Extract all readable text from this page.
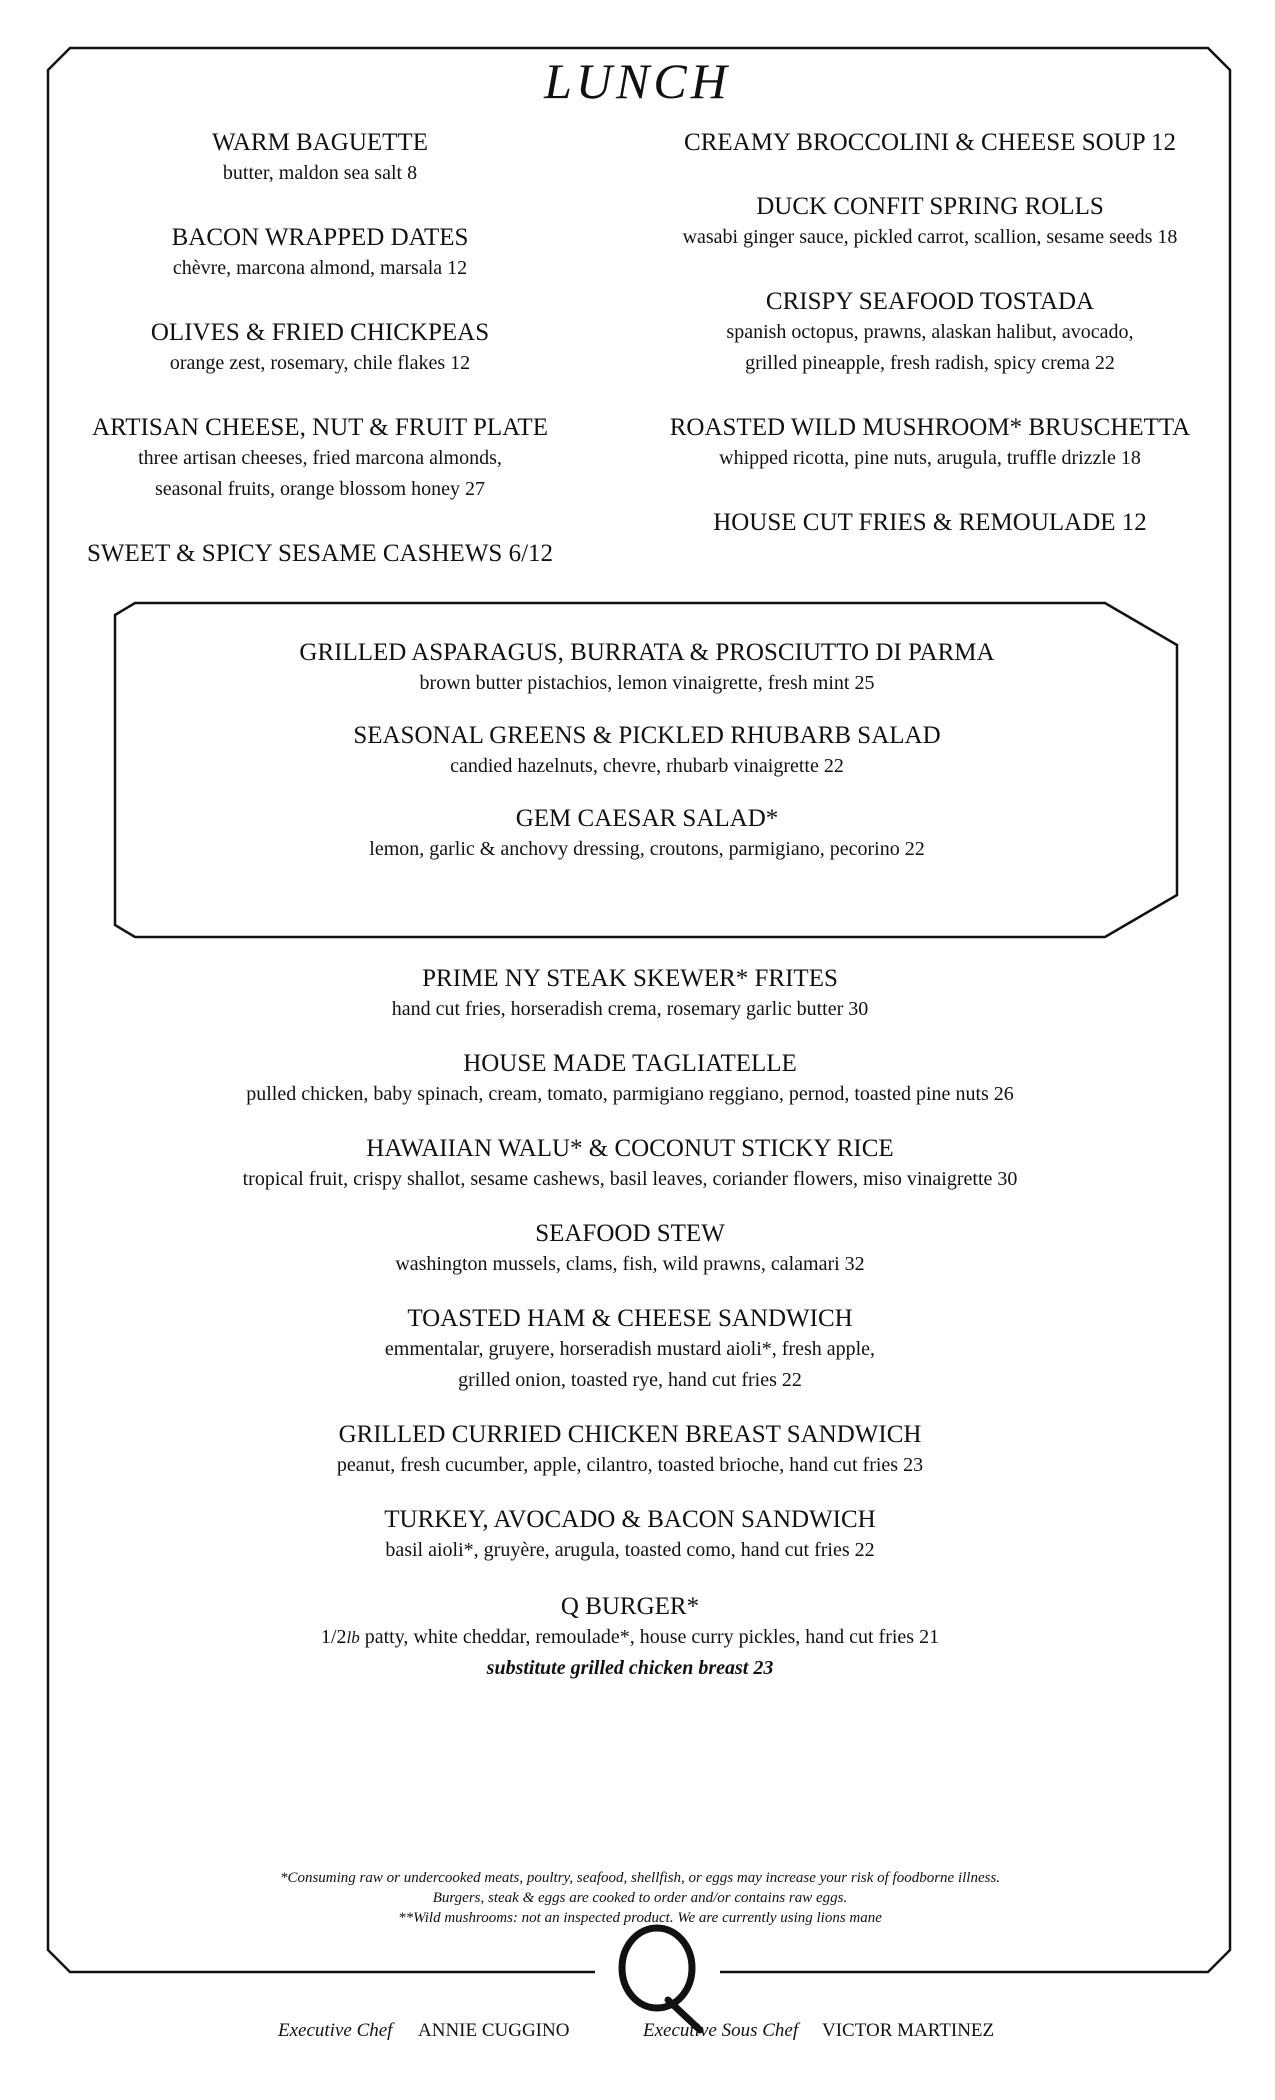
LUNCH
WARM BAGUETTE
butter, maldon sea salt 8
BACON WRAPPED DATES
chèvre, marcona almond, marsala 12
OLIVES & FRIED CHICKPEAS
orange zest, rosemary, chile flakes 12
ARTISAN CHEESE, NUT & FRUIT PLATE
three artisan cheeses, fried marcona almonds,
seasonal fruits, orange blossom honey 27
SWEET & SPICY SESAME CASHEWS 6/12
CREAMY BROCCOLINI & CHEESE SOUP 12
DUCK CONFIT SPRING ROLLS
wasabi ginger sauce, pickled carrot, scallion, sesame seeds 18
CRISPY SEAFOOD TOSTADA
spanish octopus, prawns, alaskan halibut, avocado,
grilled pineapple, fresh radish, spicy crema 22
ROASTED WILD MUSHROOM* BRUSCHETTA
whipped ricotta, pine nuts, arugula, truffle drizzle 18
HOUSE CUT FRIES & REMOULADE 12
GRILLED ASPARAGUS, BURRATA & PROSCIUTTO DI PARMA
brown butter pistachios, lemon vinaigrette, fresh mint 25
SEASONAL GREENS & PICKLED RHUBARB SALAD
candied hazelnuts, chevre, rhubarb vinaigrette 22
GEM CAESAR SALAD*
lemon, garlic & anchovy dressing, croutons, parmigiano, pecorino 22
PRIME NY STEAK SKEWER* FRITES
hand cut fries, horseradish crema, rosemary garlic butter 30
HOUSE MADE TAGLIATELLE
pulled chicken, baby spinach, cream, tomato, parmigiano reggiano, pernod, toasted pine nuts 26
HAWAIIAN WALU* & COCONUT STICKY RICE
tropical fruit, crispy shallot, sesame cashews, basil leaves, coriander flowers, miso vinaigrette 30
SEAFOOD STEW
washington mussels, clams, fish, wild prawns, calamari 32
TOASTED HAM & CHEESE SANDWICH
emmentalar, gruyere, horseradish mustard aioli*, fresh apple,
grilled onion, toasted rye, hand cut fries 22
GRILLED CURRIED CHICKEN BREAST SANDWICH
peanut, fresh cucumber, apple, cilantro, toasted brioche, hand cut fries 23
TURKEY, AVOCADO & BACON SANDWICH
basil aioli*, gruyère, arugula, toasted como, hand cut fries 22
Q BURGER*
1/2lb patty, white cheddar, remoulade*, house curry pickles, hand cut fries 21
substitute grilled chicken breast 23
*Consuming raw or undercooked meats, poultry, seafood, shellfish, or eggs may increase your risk of foodborne illness.
Burgers, steak & eggs are cooked to order and/or contains raw eggs.
**Wild mushrooms: not an inspected product. We are currently using lions mane
Executive Chef ANNIE CUGGINO	Executive Sous Chef VICTOR MARTINEZ
